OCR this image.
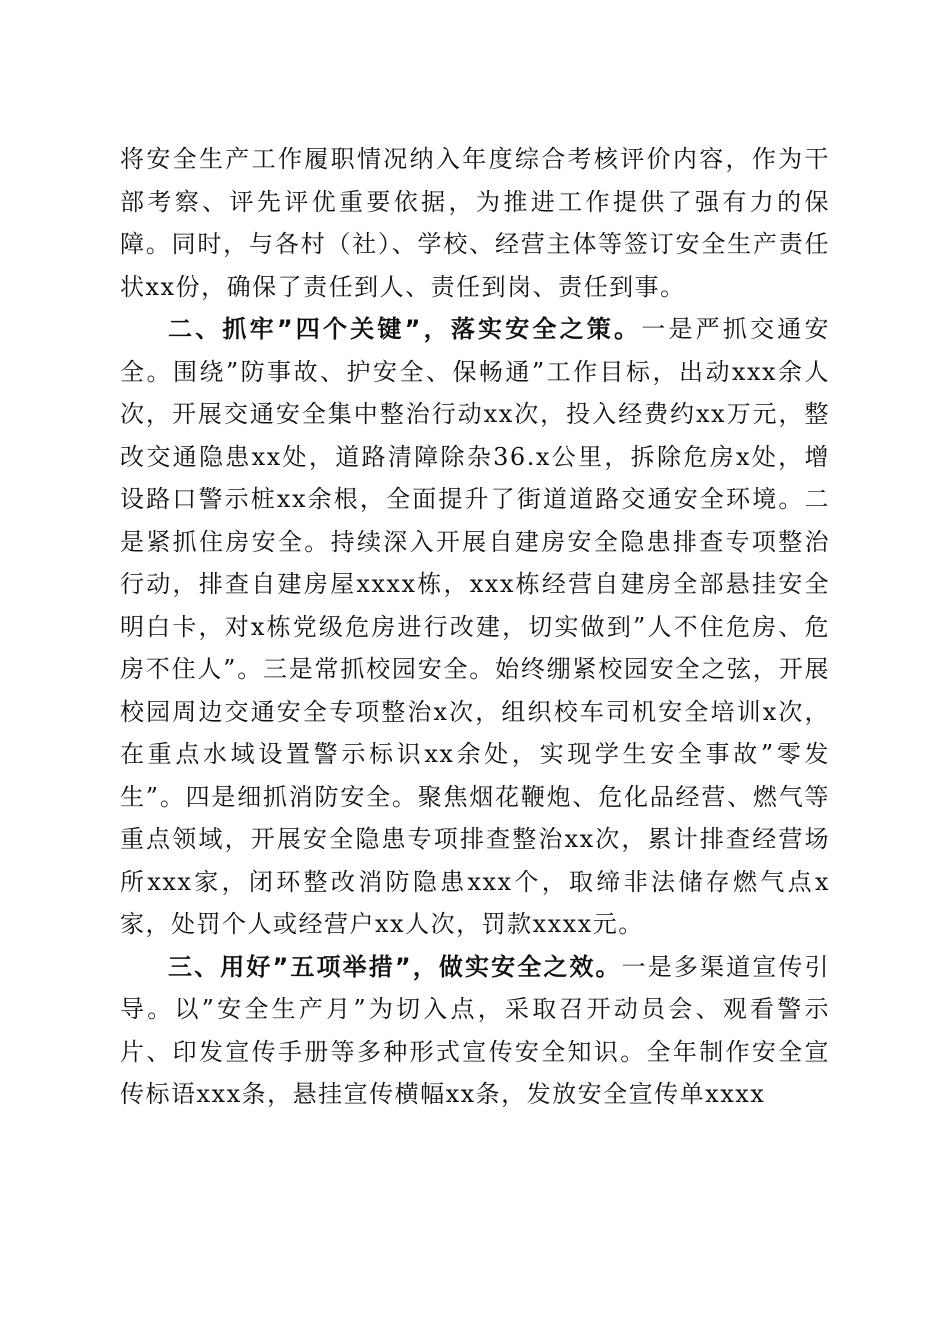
将安全生产工作履职情况纳入年度综合考核评价内容，作为干部考察、评先评优重要依据，为推进工作提供了强有力的保障。同时，与各村（社）、学校、经营主体等签订安全生产责任状xx份，确保了责任到人、责任到岗、责任到事。

二、抓牢”四个关键”，落实安全之策。一是严抓交通安全。围绕”防事故、护安全、保畅通”工作目标，出动xxx余人次，开展交通安全集中整治行动xx次，投入经费约xx万元，整改交通隐患xx处，道路清障除杂36.x公里，拆除危房x处，增设路口警示桩xx余根，全面提升了街道道路交通安全环境。二是紧抓住房安全。持续深入开展自建房安全隐患排查专项整治行动，排查自建房屋xxxx栋，xxx栋经营自建房全部悬挂安全明白卡，对x栋党级危房进行改建，切实做到”人不住危房、危房不住人”。三是常抓校园安全。始终绷紧校园安全之弦，开展校园周边交通安全专项整治x次，组织校车司机安全培训x次，在重点水域设置警示标识xx余处，实现学生安全事故”零发生”。四是细抓消防安全。聚焦烟花鞭炮、危化品经营、燃气等重点领域，开展安全隐患专项排查整治xx次，累计排查经营场所xxx家，闭环整改消防隐患xxx个，取缔非法储存燃气点x家，处罚个人或经营户xx人次，罚款xxxx元。

三、用好”五项举措”，做实安全之效。一是多渠道宣传引导。以”安全生产月”为切入点，采取召开动员会、观看警示片、印发宣传手册等多种形式宣传安全知识。全年制作安全宣传标语xxx条，悬挂宣传横幅xx条，发放安全宣传单xxxx
